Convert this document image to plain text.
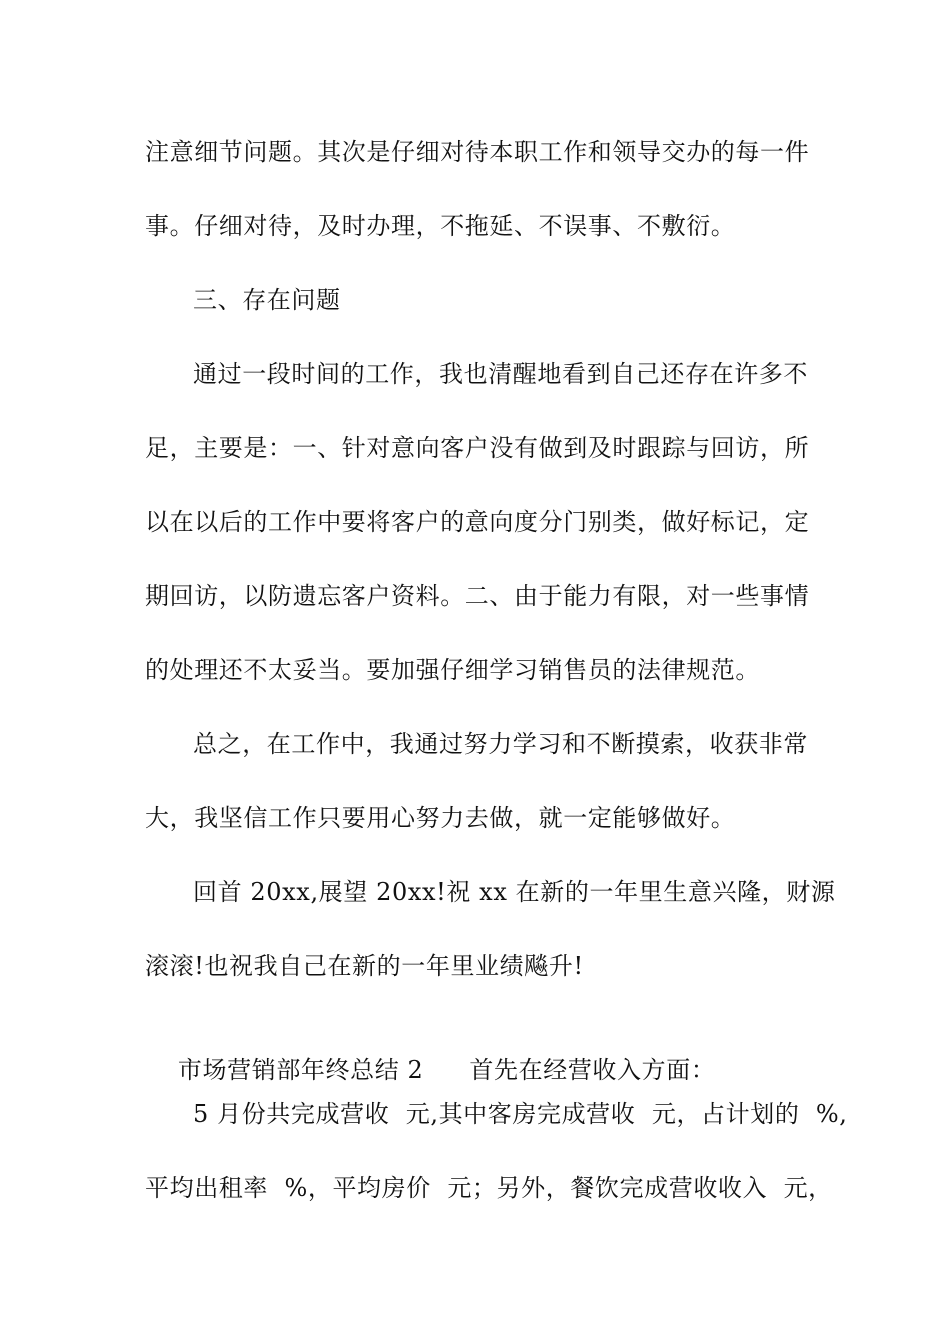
注意细节问题。其次是仔细对待本职工作和领导交办的每一件
事。仔细对待，及时办理，不拖延、不误事、不敷衍。
三、存在问题
通过一段时间的工作，我也清醒地看到自己还存在许多不
足，主要是：一、针对意向客户没有做到及时跟踪与回访，所
以在以后的工作中要将客户的意向度分门别类，做好标记，定
期回访，以防遗忘客户资料。二、由于能力有限，对一些事情
的处理还不太妥当。要加强仔细学习销售员的法律规范。
总之，在工作中，我通过努力学习和不断摸索，收获非常
大，我坚信工作只要用心努力去做，就一定能够做好。
回首 20xx,展望 20xx!祝 xx 在新的一年里生意兴隆，财源
滚滚!也祝我自己在新的一年里业绩飚升!

市场营销部年终总结 2 首先在经营收入方面：

5 月份共完成营收  元,其中客房完成营收  元，占计划的  %,
平均出租率  %，平均房价  元；另外，餐饮完成营收收入  元，
